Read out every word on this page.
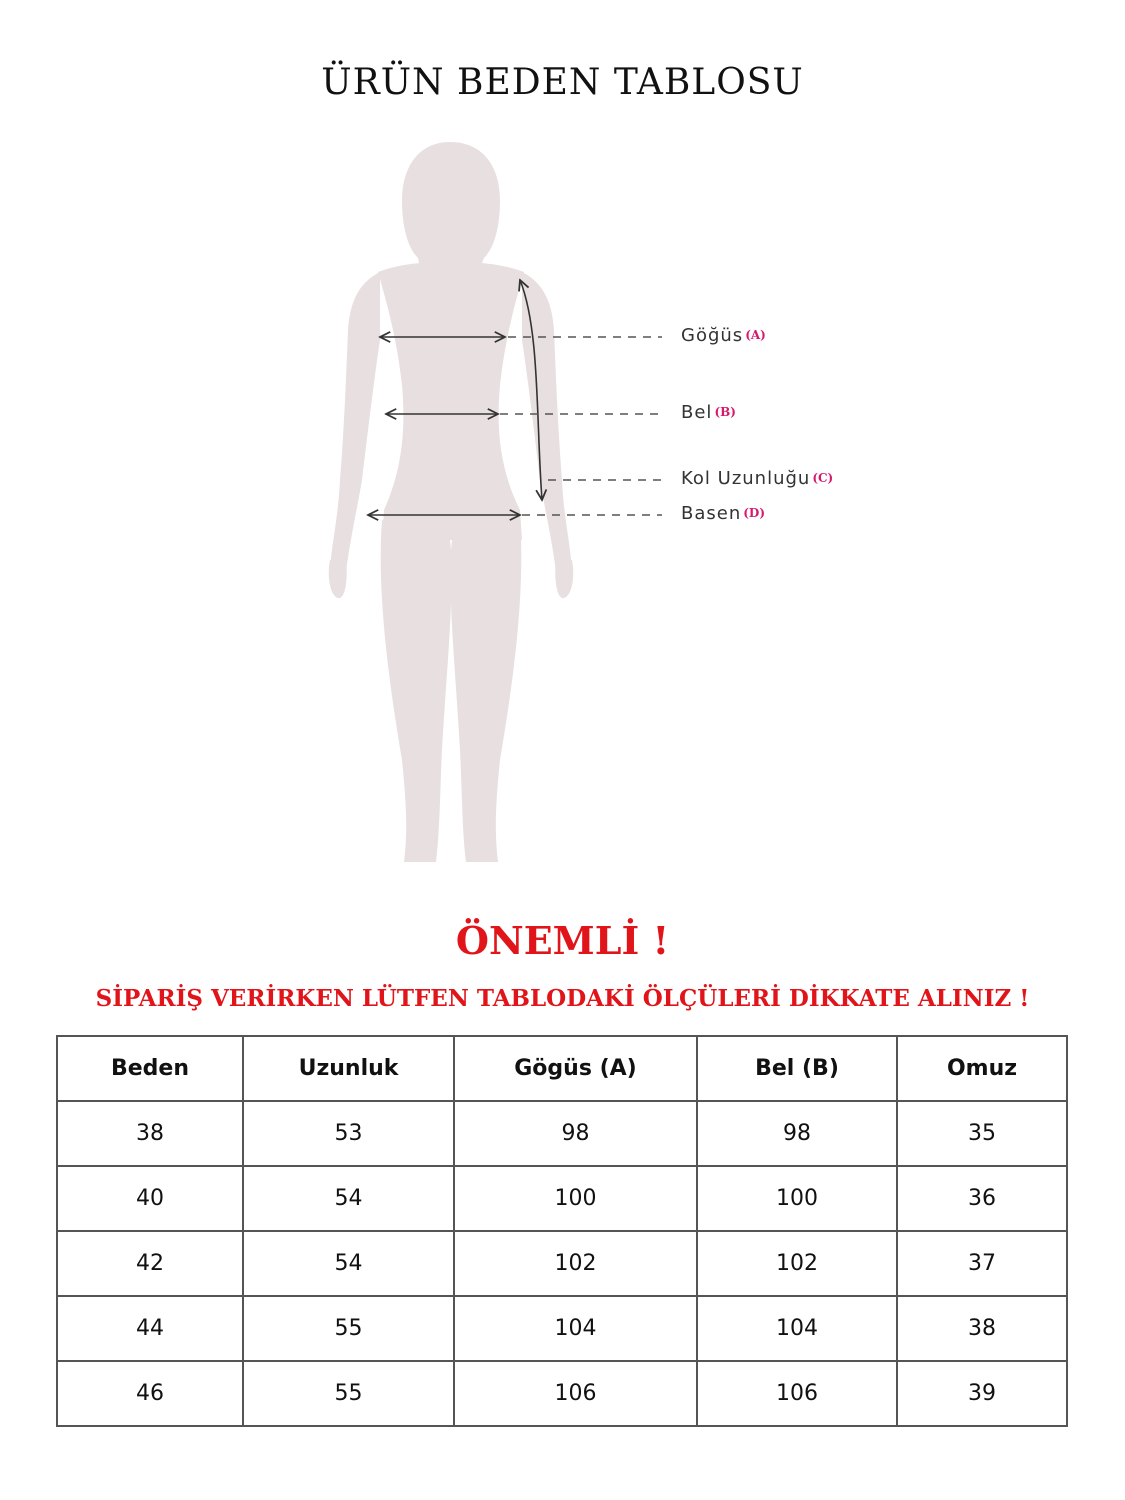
ÜRÜN BEDEN TABLOSU
Göğüs (A)
Bel (B)
Kol Uzunluğu (C)
Basen (D)
ÖNEMLİ !
SİPARİŞ VERİRKEN LÜTFEN TABLODAKİ ÖLÇÜLERİ DİKKATE ALINIZ !
Beden	Uzunluk	Gögüs (A)	Bel (B)	Omuz
38	53	98	98	35
40	54	100	100	36
42	54	102	102	37
44	55	104	104	38
46	55	106	106	39
